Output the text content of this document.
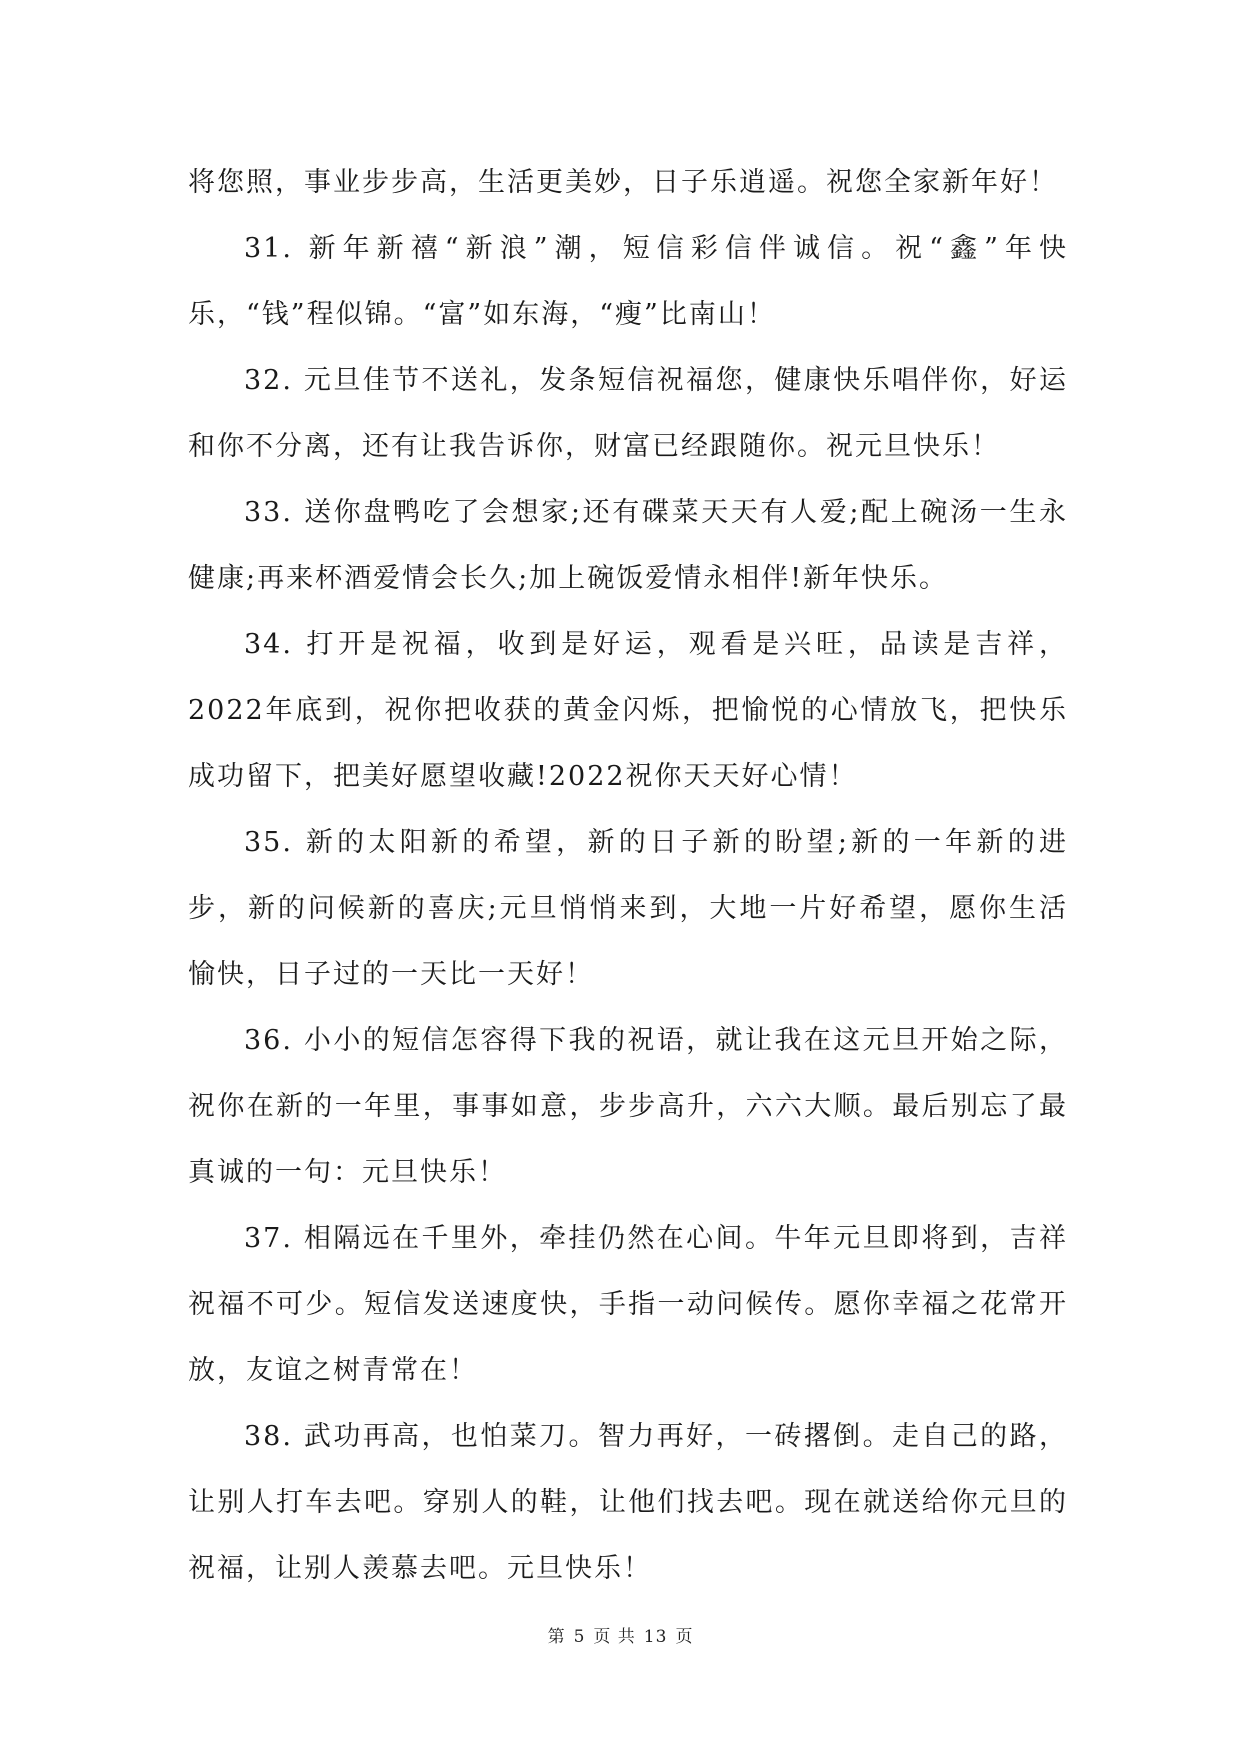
将您照，事业步步高，生活更美妙，日子乐逍遥。祝您全家新年好！

31. 新年新禧“新浪”潮，短信彩信伴诚信。祝“鑫”年快乐，“钱”程似锦。“富”如东海，“瘦”比南山！

32. 元旦佳节不送礼，发条短信祝福您，健康快乐唱伴你，好运和你不分离，还有让我告诉你，财富已经跟随你。祝元旦快乐！

33. 送你盘鸭吃了会想家;还有碟菜天天有人爱;配上碗汤一生永健康;再来杯酒爱情会长久;加上碗饭爱情永相伴!新年快乐。

34. 打开是祝福，收到是好运，观看是兴旺，品读是吉祥，2022年底到，祝你把收获的黄金闪烁，把愉悦的心情放飞，把快乐成功留下，把美好愿望收藏!2022祝你天天好心情！

35. 新的太阳新的希望，新的日子新的盼望;新的一年新的进步，新的问候新的喜庆;元旦悄悄来到，大地一片好希望，愿你生活愉快，日子过的一天比一天好！

36. 小小的短信怎容得下我的祝语，就让我在这元旦开始之际，祝你在新的一年里，事事如意，步步高升，六六大顺。最后别忘了最真诚的一句：元旦快乐！

37. 相隔远在千里外，牵挂仍然在心间。牛年元旦即将到，吉祥祝福不可少。短信发送速度快，手指一动问候传。愿你幸福之花常开放，友谊之树青常在！

38. 武功再高，也怕菜刀。智力再好，一砖撂倒。走自己的路，让别人打车去吧。穿别人的鞋，让他们找去吧。现在就送给你元旦的祝福，让别人羡慕去吧。元旦快乐！

第 5 页 共 13 页
